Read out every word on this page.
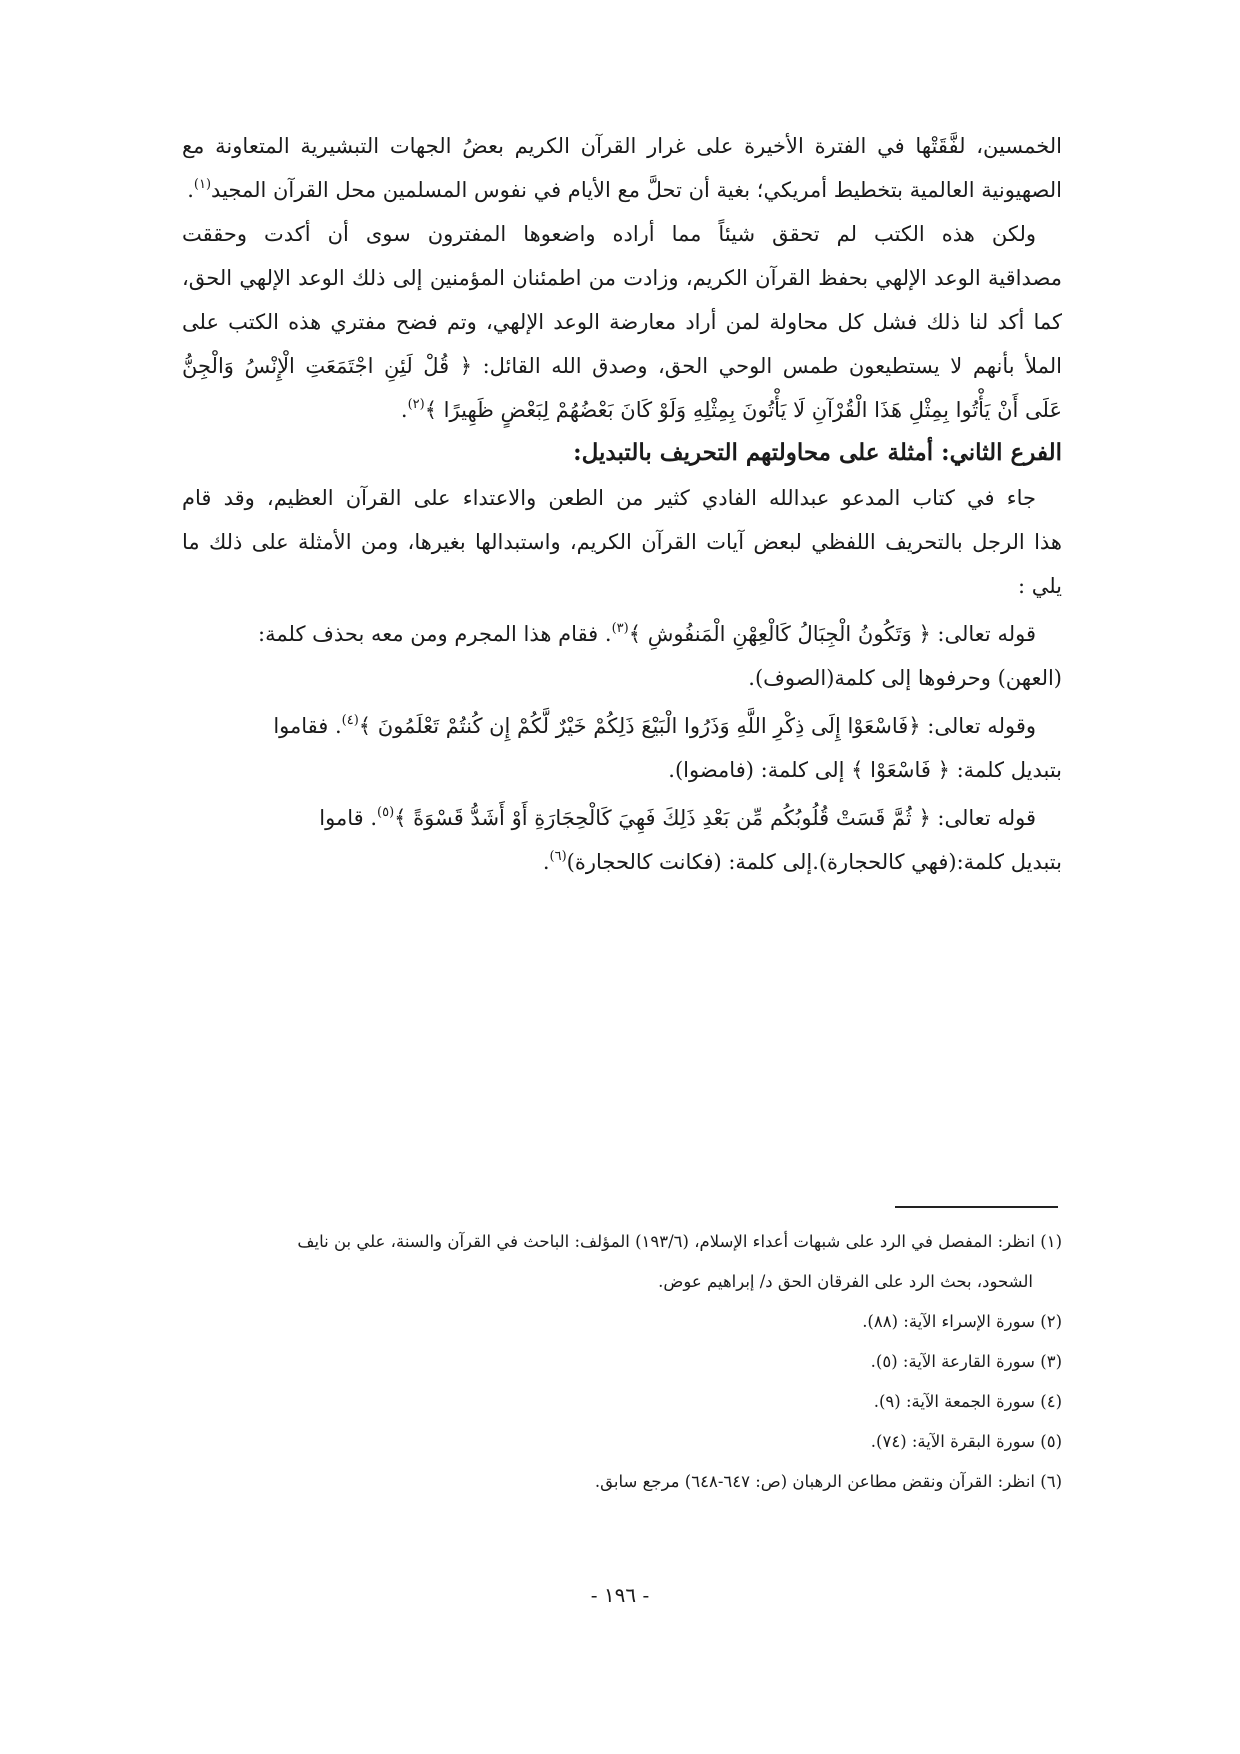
الخمسين، لفَّقَتْها في الفترة الأخيرة على غرار القرآن الكريم بعضُ الجهات التبشيرية المتعاونة مع
الصهيونية العالمية بتخطيط أمريكي؛ بغية أن تحلَّ مع الأيام في نفوس المسلمين محل القرآن المجيد$^{(١)}$.
ولكن هذه الكتب لم تحقق شيئاً مما أراده واضعوها المفترون سوى أن أكدت وحققت
مصداقية الوعد الإلهي بحفظ القرآن الكريم، وزادت من اطمئنان المؤمنين إلى ذلك الوعد الإلهي الحق،
كما أكد لنا ذلك فشل كل محاولة لمن أراد معارضة الوعد الإلهي، وتم فضح مفتري هذه الكتب على
الملأ بأنهم لا يستطيعون طمس الوحي الحق، وصدق الله القائل: ﴿ قُلْ لَئِنِ اجْتَمَعَتِ الْإِنْسُ وَالْجِنُّ
عَلَى أَنْ يَأْتُوا بِمِثْلِ هَذَا الْقُرْآنِ لَا يَأْتُونَ بِمِثْلِهِ وَلَوْ كَانَ بَعْضُهُمْ لِبَعْضٍ ظَهِيرًا ﴾$^{(٢)}$.
الفرع الثاني: أمثلة على محاولتهم التحريف بالتبديل:
جاء في كتاب المدعو عبدالله الفادي كثير من الطعن والاعتداء على القرآن العظيم، وقد قام
هذا الرجل بالتحريف اللفظي لبعض آيات القرآن الكريم، واستبدالها بغيرها، ومن الأمثلة على ذلك ما
يلي :
قوله تعالى: ﴿ وَتَكُونُ الْجِبَالُ كَالْعِهْنِ الْمَنفُوشِ ﴾$^{(٣)}$. فقام هذا المجرم ومن معه بحذف كلمة:
(العهن) وحرفوها إلى كلمة(الصوف).
وقوله تعالى: ﴿فَاسْعَوْا إِلَى ذِكْرِ اللَّهِ وَذَرُوا الْبَيْعَ ذَلِكُمْ خَيْرٌ لَّكُمْ إِن كُنتُمْ تَعْلَمُونَ ﴾$^{(٤)}$. فقاموا
بتبديل كلمة: ﴿ فَاسْعَوْا ﴾ إلى كلمة: (فامضوا).
قوله تعالى: ﴿ ثُمَّ قَسَتْ قُلُوبُكُم مِّن بَعْدِ ذَلِكَ فَهِيَ كَالْحِجَارَةِ أَوْ أَشَدُّ قَسْوَةً ﴾$^{(٥)}$. قاموا
بتبديل كلمة:(فهي كالحجارة).إلى كلمة: (فكانت كالحجارة)$^{(٦)}$.
(١) انظر: المفصل في الرد على شبهات أعداء الإسلام، (١٩٣/٦) المؤلف: الباحث في القرآن والسنة، علي بن نايف
الشحود، بحث الرد على الفرقان الحق د/ إبراهيم عوض.
(٢) سورة الإسراء الآية: (٨٨).
(٣) سورة القارعة الآية: (٥).
(٤) سورة الجمعة الآية: (٩).
(٥) سورة البقرة الآية: (٧٤).
(٦) انظر: القرآن ونقض مطاعن الرهبان (ص: ٦٤٧-٦٤٨) مرجع سابق.
- ١٩٦ -
